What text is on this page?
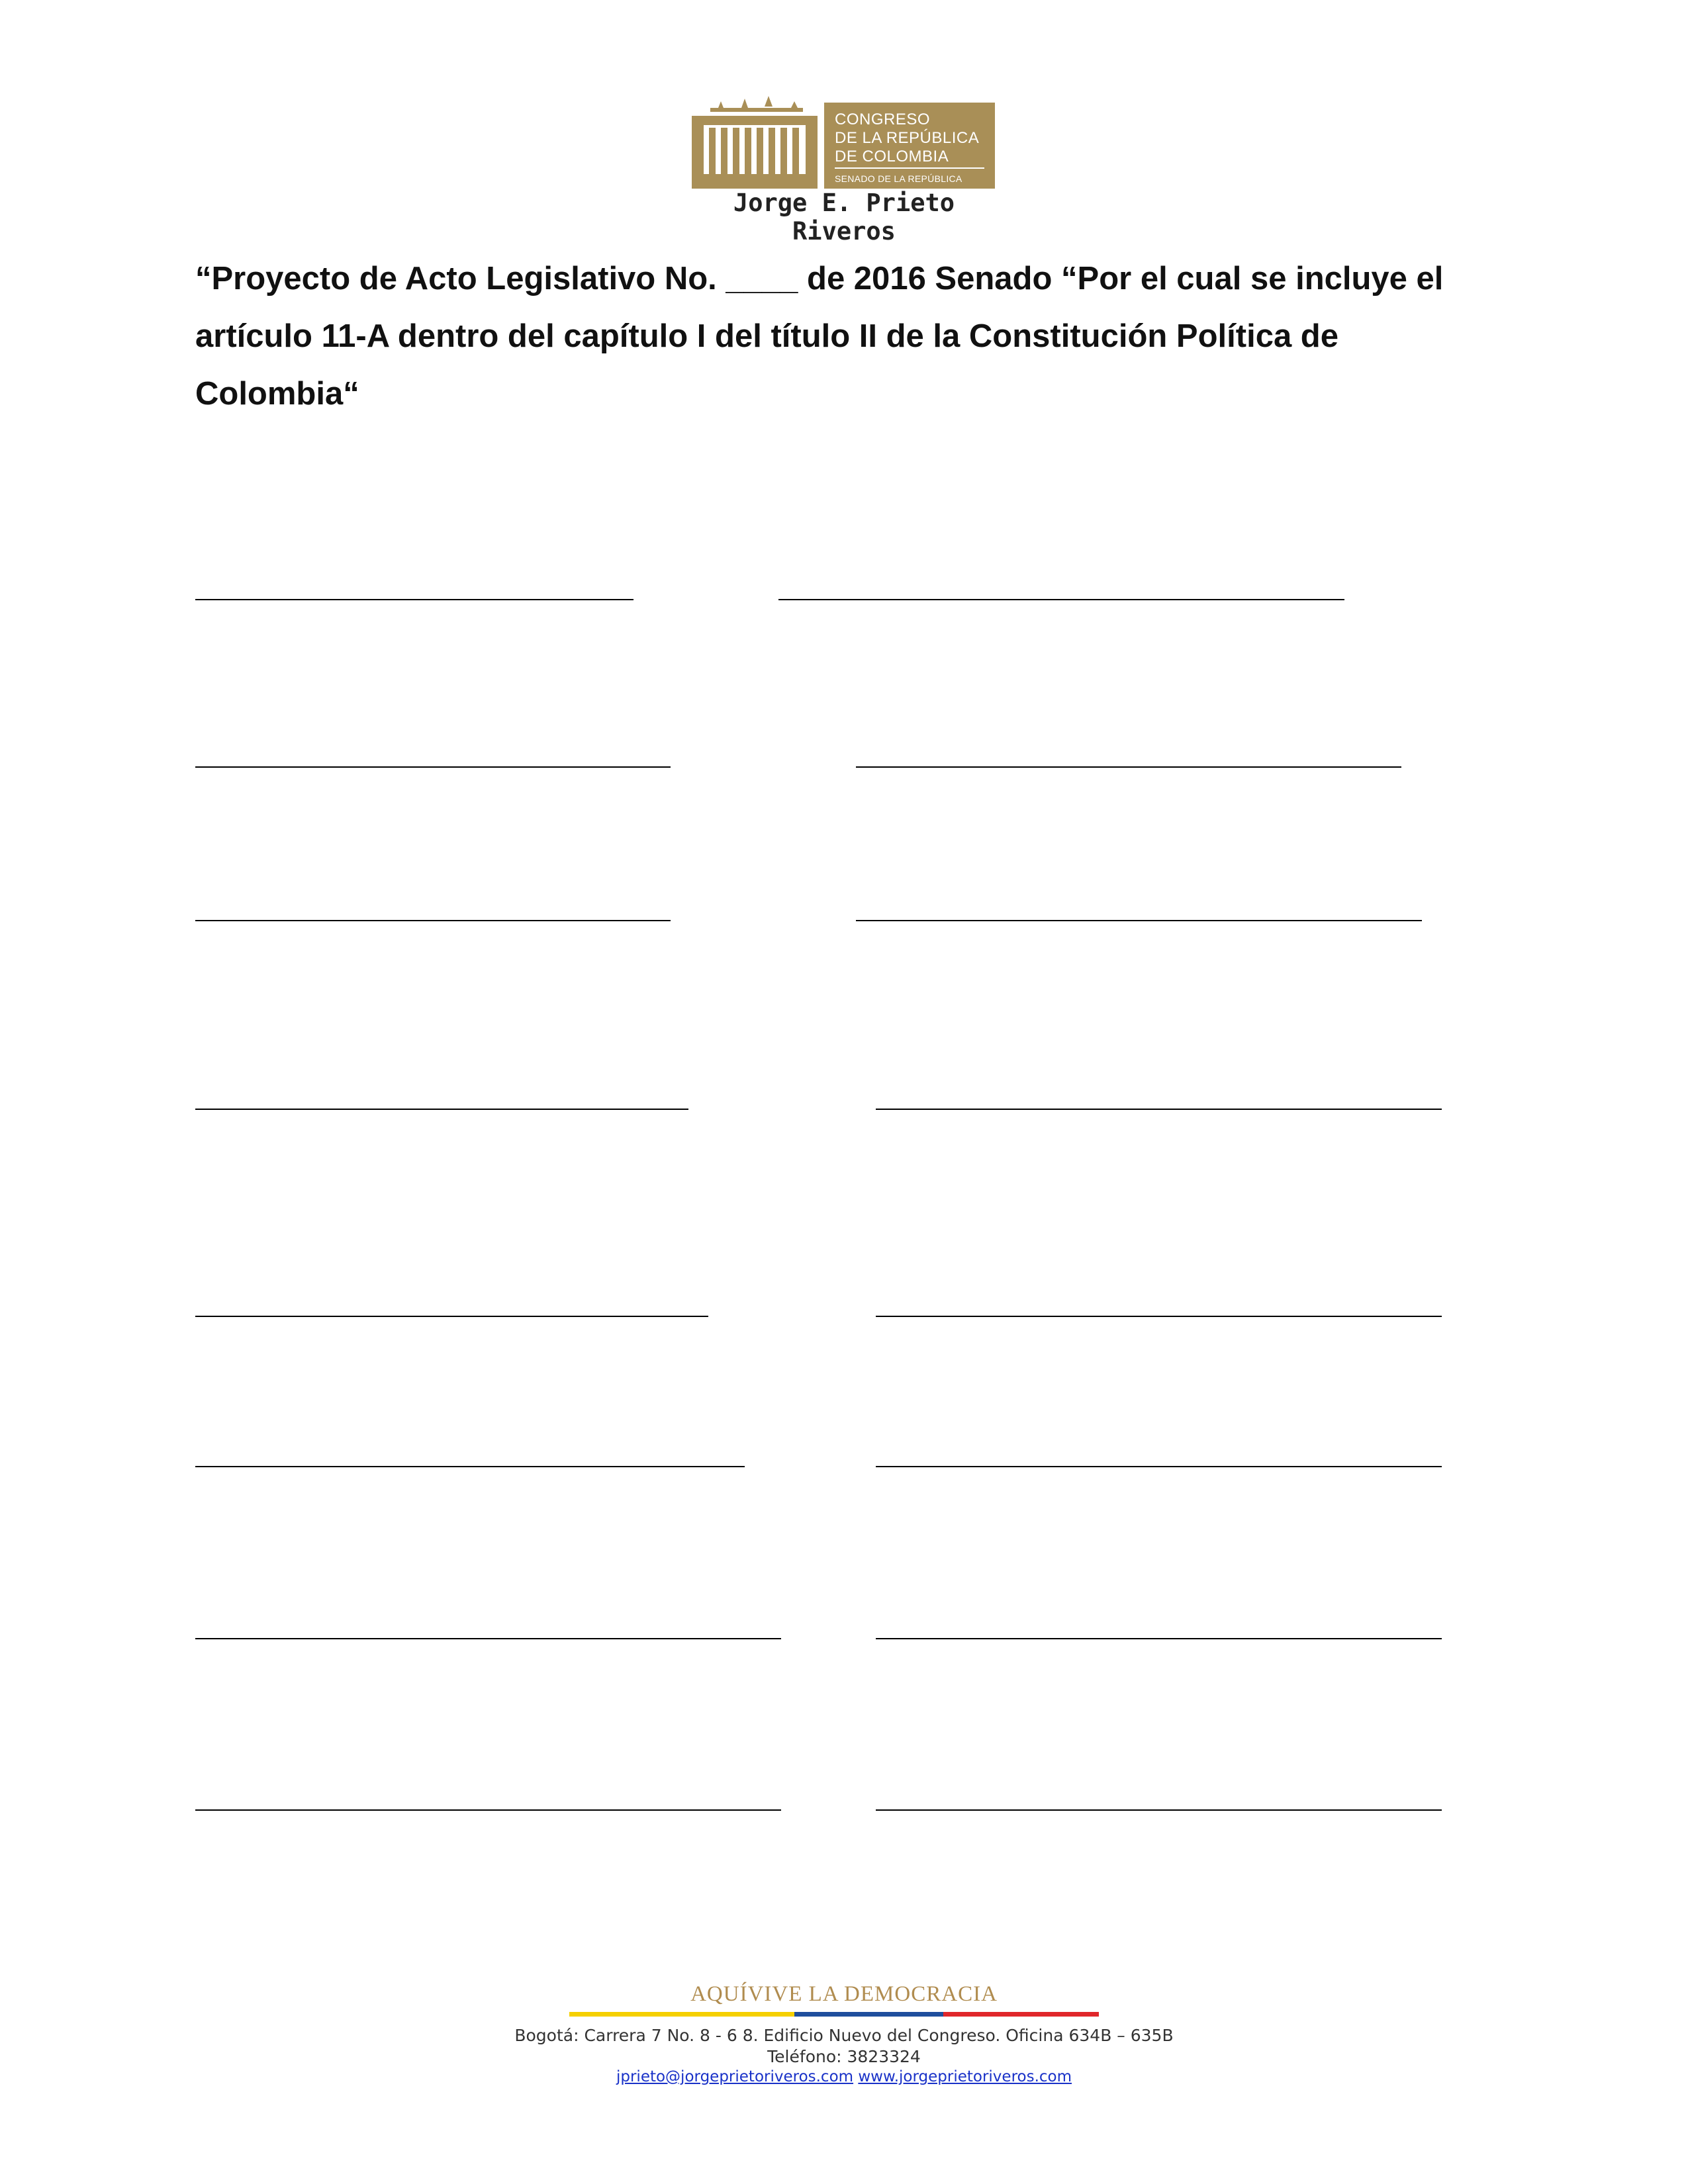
CONGRESO
DE LA REPÚBLICA
DE COLOMBIA
SENADO DE LA REPÚBLICA
Jorge E. Prieto Riveros
“Proyecto de Acto Legislativo No. ____ de 2016 Senado “Por el cual se incluye el artículo 11-A dentro del capítulo I del título II de la Constitución Política de Colombia“
AQUÍVIVE LA DEMOCRACIA
Bogotá: Carrera 7 No. 8 - 6 8. Edificio Nuevo del Congreso. Oficina 634B – 635B
Teléfono: 3823324
jprieto@jorgeprietoriveros.com www.jorgeprietoriveros.com
